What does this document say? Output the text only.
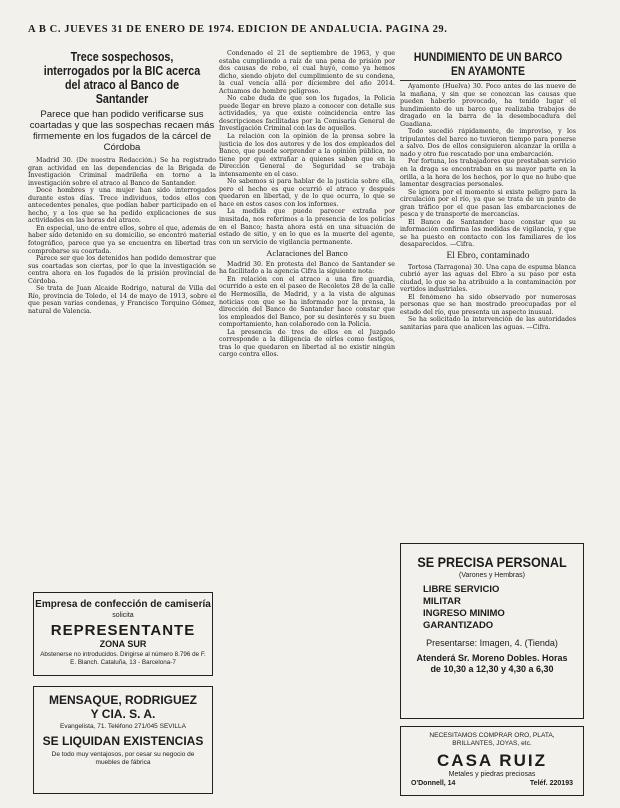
A B C. JUEVES 31 DE ENERO DE 1974. EDICION DE ANDALUCIA. PAGINA 29.
Trece sospechosos, interrogados por la BIC acerca del atraco al Banco de Santander
Parece que han podido verificarse sus coartadas y que las sospechas recaen más firmemente en los fugados de la cárcel de Córdoba

Madrid 30. (De nuestra Redacción.) Se ha registrado gran actividad en las dependencias de la Brigada de Investigación Criminal madrileña en torno a la investigación sobre el atraco al Banco de Santander.

Doce hombres y una mujer han sido interrogados durante estos días. Trece individuos, todos ellos con antecedentes penales, que podían haber participado en el hecho, y a los que se ha pedido explicaciones de sus actividades en las horas del atraco.

En especial, uno de entre ellos, sobre el que, además de haber sido detenido en su domicilio, se encontró material fotográfico, parece que ya se encuentra en libertad tras comprobarse su coartada.

Parece ser que los detenidos han podido demostrar que sus coartadas son ciertas, por lo que la investigación se centra ahora en los fugados de la prisión provincial de Córdoba.

Se trata de Juan Alcaide Rodrigo, natural de Villa del Río, provincia de Toledo, el 14 de mayo de 1913, sobre el que pesan varias condenas, y Francisco Torquino Gómez, natural de Valencia.

Empresa de confección de camisería
solicita
REPRESENTANTE
ZONA SUR
Abstenerse no introducidos. Dirigirse al número 8.796 de F. E. Blanch. Cataluña, 13 - Barcelona-7
MENSAQUE, RODRIGUEZ Y CIA. S. A.
Evangelista, 71. Teléfono 271/045 SEVILLA
SE LIQUIDAN EXISTENCIAS
De todo muy ventajosos, por cesar su negocio de muebles de fábrica

Condenado el 21 de septiembre de 1963, y que estaba cumpliendo a raíz de una pena de prisión por dos causas de robo, el cual huyó, como ya hemos dicho, siendo objeto del cumplimiento de su condena, la cual vencía allá por diciembre del año 2014. Actuamos de hombre peligroso.

No cabe duda de que son los fugados, la Policía puede llegar en breve plazo a conocer con detalle sus actividades, ya que existe coincidencia entre las descripciones facilitadas por la Comisaría General de Investigación Criminal con las de aquellos.

La relación con la opinión de la prensa sobre la justicia de los dos autores y de los dos empleados del Banco, que puede sorprender a la opinión pública, no tiene por qué extrañar a quienes saben que en la Dirección General de Seguridad se trabaja intensamente en el caso.

No sabemos si para hablar de la justicia sobre ella, pero el hecho es que ocurrió el atraco y después quedaron en libertad, y de lo que ocurra, lo que se hace en estos casos con los informes.

La medida que puede parecer extraña por inusitada, nos referimos a la presencia de los policías en el Banco; hasta ahora está en una situación de estado de sitio, y en lo que es la muerte del agente, con un servicio de vigilancia permanente.

Aclaraciones del Banco

Madrid 30. En protesta del Banco de Santander se ha facilitado a la agencia Cifra la siguiente nota:

En relación con el atraco a una fire guardia, ocurrido a este en el paseo de Recoletos 28 de la calle de Hermosilla, de Madrid, y a la vista de algunas noticias con que se ha informado por la prensa, la dirección del Banco de Santander hace constar que los empleados del Banco, por su desinterés y su buen comportamiento, han colaborado con la Policía.

La presencia de tres de ellos en el Juzgado corresponde a la diligencia de oírles como testigos, tras lo que quedaron en libertad al no existir ningún cargo contra ellos.

HUNDIMIENTO DE UN BARCO EN AYAMONTE

Ayamonte (Huelva) 30. Poco antes de las nueve de la mañana, y sin que se conozcan las causas que pueden haberlo provocado, ha tenido lugar el hundimiento de un barco que realizaba trabajos de dragado en la barra de la desembocadura del Guadiana.

Todo sucedió rápidamente, de improviso, y los tripulantes del barco no tuvieron tiempo para ponerse a salvo. Dos de ellos consiguieron alcanzar la orilla a nado y otro fue rescatado por una embarcación.

Por fortuna, los trabajadores que prestaban servicio en la draga se encontraban en su mayor parte en la orilla, a la hora de los hechos, por lo que no hubo que lamentar desgracias personales.

Se ignora por el momento si existe peligro para la circulación por el río, ya que se trata de un punto de gran tráfico por el que pasan las embarcaciones de pesca y de transporte de mercancías.

El Banco de Santander hace constar que su información confirma las medidas de vigilancia, y que se ha puesto en contacto con los familiares de los desaparecidos. —Cifra.

El Ebro, contaminado

Tortosa (Tarragona) 30. Una capa de espuma blanca cubrió ayer las aguas del Ebro a su paso por esta ciudad, lo que se ha atribuido a la contaminación por vertidos industriales.

El fenómeno ha sido observado por numerosas personas que se han mostrado preocupadas por el estado del río, que presenta un aspecto inusual.

Se ha solicitado la intervención de las autoridades sanitarias para que analicen las aguas. —Cifra.

SE PRECISA PERSONAL
(Varones y Hembras)
LIBRE SERVICIO
MILITAR
INGRESO MINIMO
GARANTIZADO
Presentarse: Imagen, 4. (Tienda)
Atenderá Sr. Moreno Dobles. Horas de 10,30 a 12,30 y 4,30 a 6,30
NECESITAMOS COMPRAR ORO, PLATA, BRILLANTES, JOYAS, etc.
CASA RUIZ
Metales y piedras preciosas
O'Donnell, 14	Teléf. 220193
